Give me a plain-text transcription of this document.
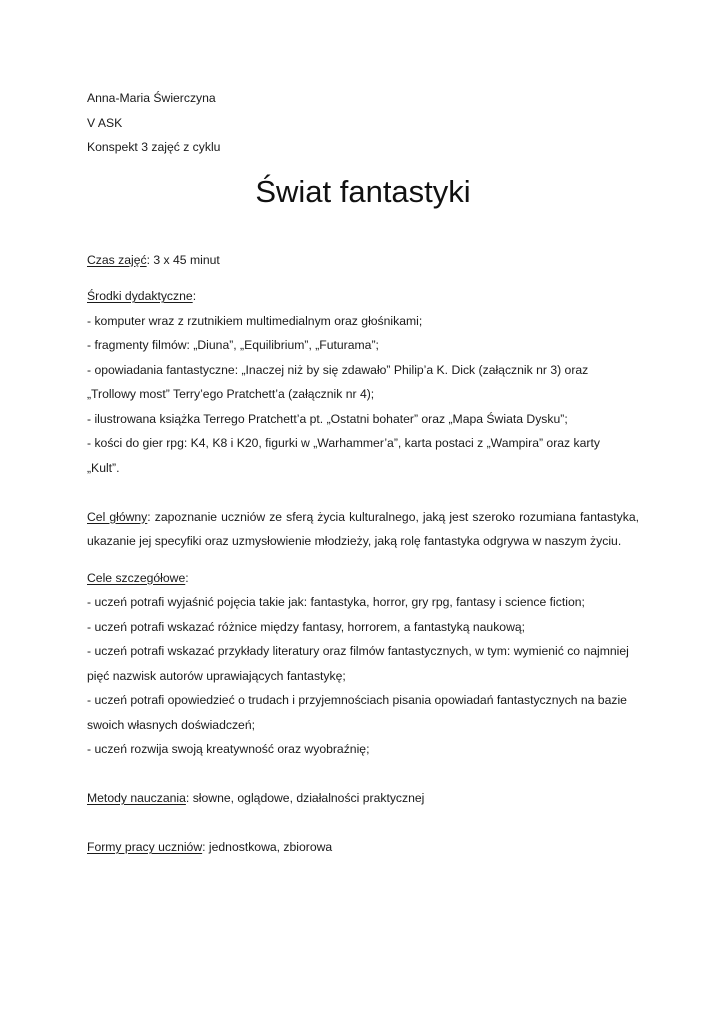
Anna-Maria Świerczyna
V ASK
Konspekt 3 zajęć z cyklu
Świat fantastyki
Czas zajęć: 3 x 45 minut
Środki dydaktyczne:
- komputer wraz z rzutnikiem multimedialnym oraz głośnikami;
- fragmenty filmów: „Diuna”, „Equilibrium”, „Futurama”;
- opowiadania fantastyczne: „Inaczej niż by się zdawało” Philip’a K. Dick (załącznik nr 3) oraz
„Trollowy most” Terry’ego Pratchett’a (załącznik nr 4);
- ilustrowana książka Terrego Pratchett’a pt. „Ostatni bohater” oraz „Mapa Świata Dysku”;
- kości do gier rpg: K4, K8 i K20, figurki w „Warhammer’a”, karta postaci z „Wampira” oraz karty
„Kult”.
Cel główny: zapoznanie uczniów ze sferą życia kulturalnego, jaką jest szeroko rozumiana fantastyka,
ukazanie jej specyfiki oraz uzmysłowienie młodzieży, jaką rolę fantastyka odgrywa w naszym życiu.
Cele szczegółowe:
- uczeń potrafi wyjaśnić pojęcia takie jak: fantastyka, horror, gry rpg, fantasy i science fiction;
- uczeń potrafi wskazać różnice między fantasy, horrorem, a fantastyką naukową;
- uczeń potrafi wskazać przykłady literatury oraz filmów fantastycznych, w tym: wymienić co najmniej
pięć nazwisk autorów uprawiających fantastykę;
- uczeń potrafi opowiedzieć o trudach i przyjemnościach pisania opowiadań fantastycznych na bazie
swoich własnych doświadczeń;
- uczeń rozwija swoją kreatywność oraz wyobraźnię;
Metody nauczania: słowne, oglądowe, działalności praktycznej
Formy pracy uczniów: jednostkowa, zbiorowa
